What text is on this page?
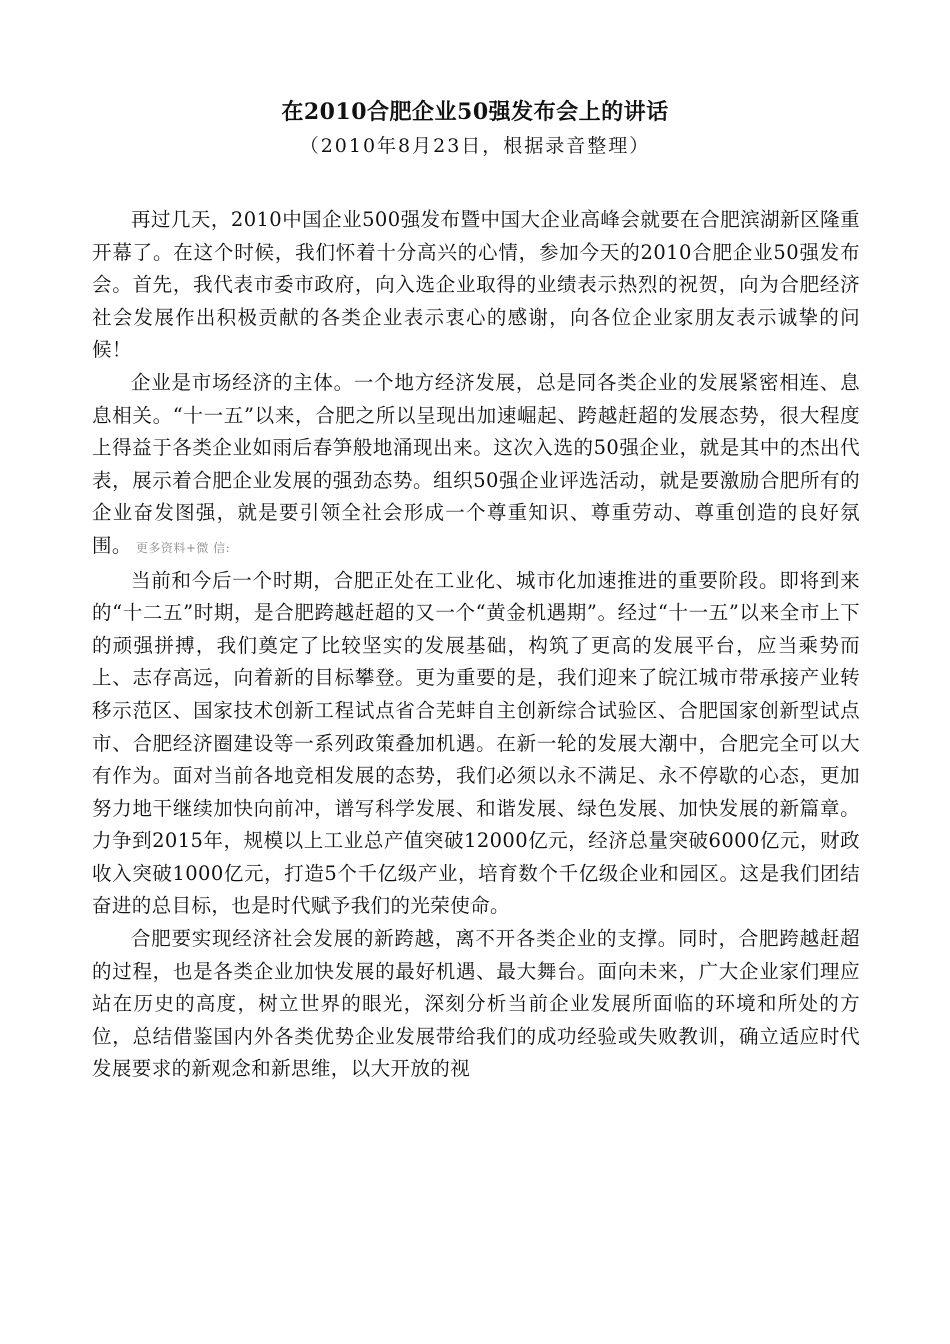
在2010合肥企业50强发布会上的讲话
（2010年8月23日，根据录音整理）

再过几天，2010中国企业500强发布暨中国大企业高峰会就要在合肥滨湖新区隆重开幕了。在这个时候，我们怀着十分高兴的心情，参加今天的2010合肥企业50强发布会。首先，我代表市委市政府，向入选企业取得的业绩表示热烈的祝贺，向为合肥经济社会发展作出积极贡献的各类企业表示衷心的感谢，向各位企业家朋友表示诚挚的问候！

企业是市场经济的主体。一个地方经济发展，总是同各类企业的发展紧密相连、息息相关。“十一五”以来，合肥之所以呈现出加速崛起、跨越赶超的发展态势，很大程度上得益于各类企业如雨后春笋般地涌现出来。这次入选的50强企业，就是其中的杰出代表，展示着合肥企业发展的强劲态势。组织50强企业评选活动，就是要激励合肥所有的企业奋发图强，就是要引领全社会形成一个尊重知识、尊重劳动、尊重创造的良好氛围。 更多资料+微 信:

当前和今后一个时期，合肥正处在工业化、城市化加速推进的重要阶段。即将到来的“十二五”时期，是合肥跨越赶超的又一个“黄金机遇期”。经过“十一五”以来全市上下的顽强拼搏，我们奠定了比较坚实的发展基础，构筑了更高的发展平台，应当乘势而上、志存高远，向着新的目标攀登。更为重要的是，我们迎来了皖江城市带承接产业转移示范区、国家技术创新工程试点省合芜蚌自主创新综合试验区、合肥国家创新型试点市、合肥经济圈建设等一系列政策叠加机遇。在新一轮的发展大潮中，合肥完全可以大有作为。面对当前各地竞相发展的态势，我们必须以永不满足、永不停歇的心态，更加努力地干继续加快向前冲，谱写科学发展、和谐发展、绿色发展、加快发展的新篇章。力争到2015年，规模以上工业总产值突破12000亿元，经济总量突破6000亿元，财政收入突破1000亿元，打造5个千亿级产业，培育数个千亿级企业和园区。这是我们团结奋进的总目标，也是时代赋予我们的光荣使命。

合肥要实现经济社会发展的新跨越，离不开各类企业的支撑。同时，合肥跨越赶超的过程，也是各类企业加快发展的最好机遇、最大舞台。面向未来，广大企业家们理应站在历史的高度，树立世界的眼光，深刻分析当前企业发展所面临的环境和所处的方位，总结借鉴国内外各类优势企业发展带给我们的成功经验或失败教训，确立适应时代发展要求的新观念和新思维，以大开放的视
